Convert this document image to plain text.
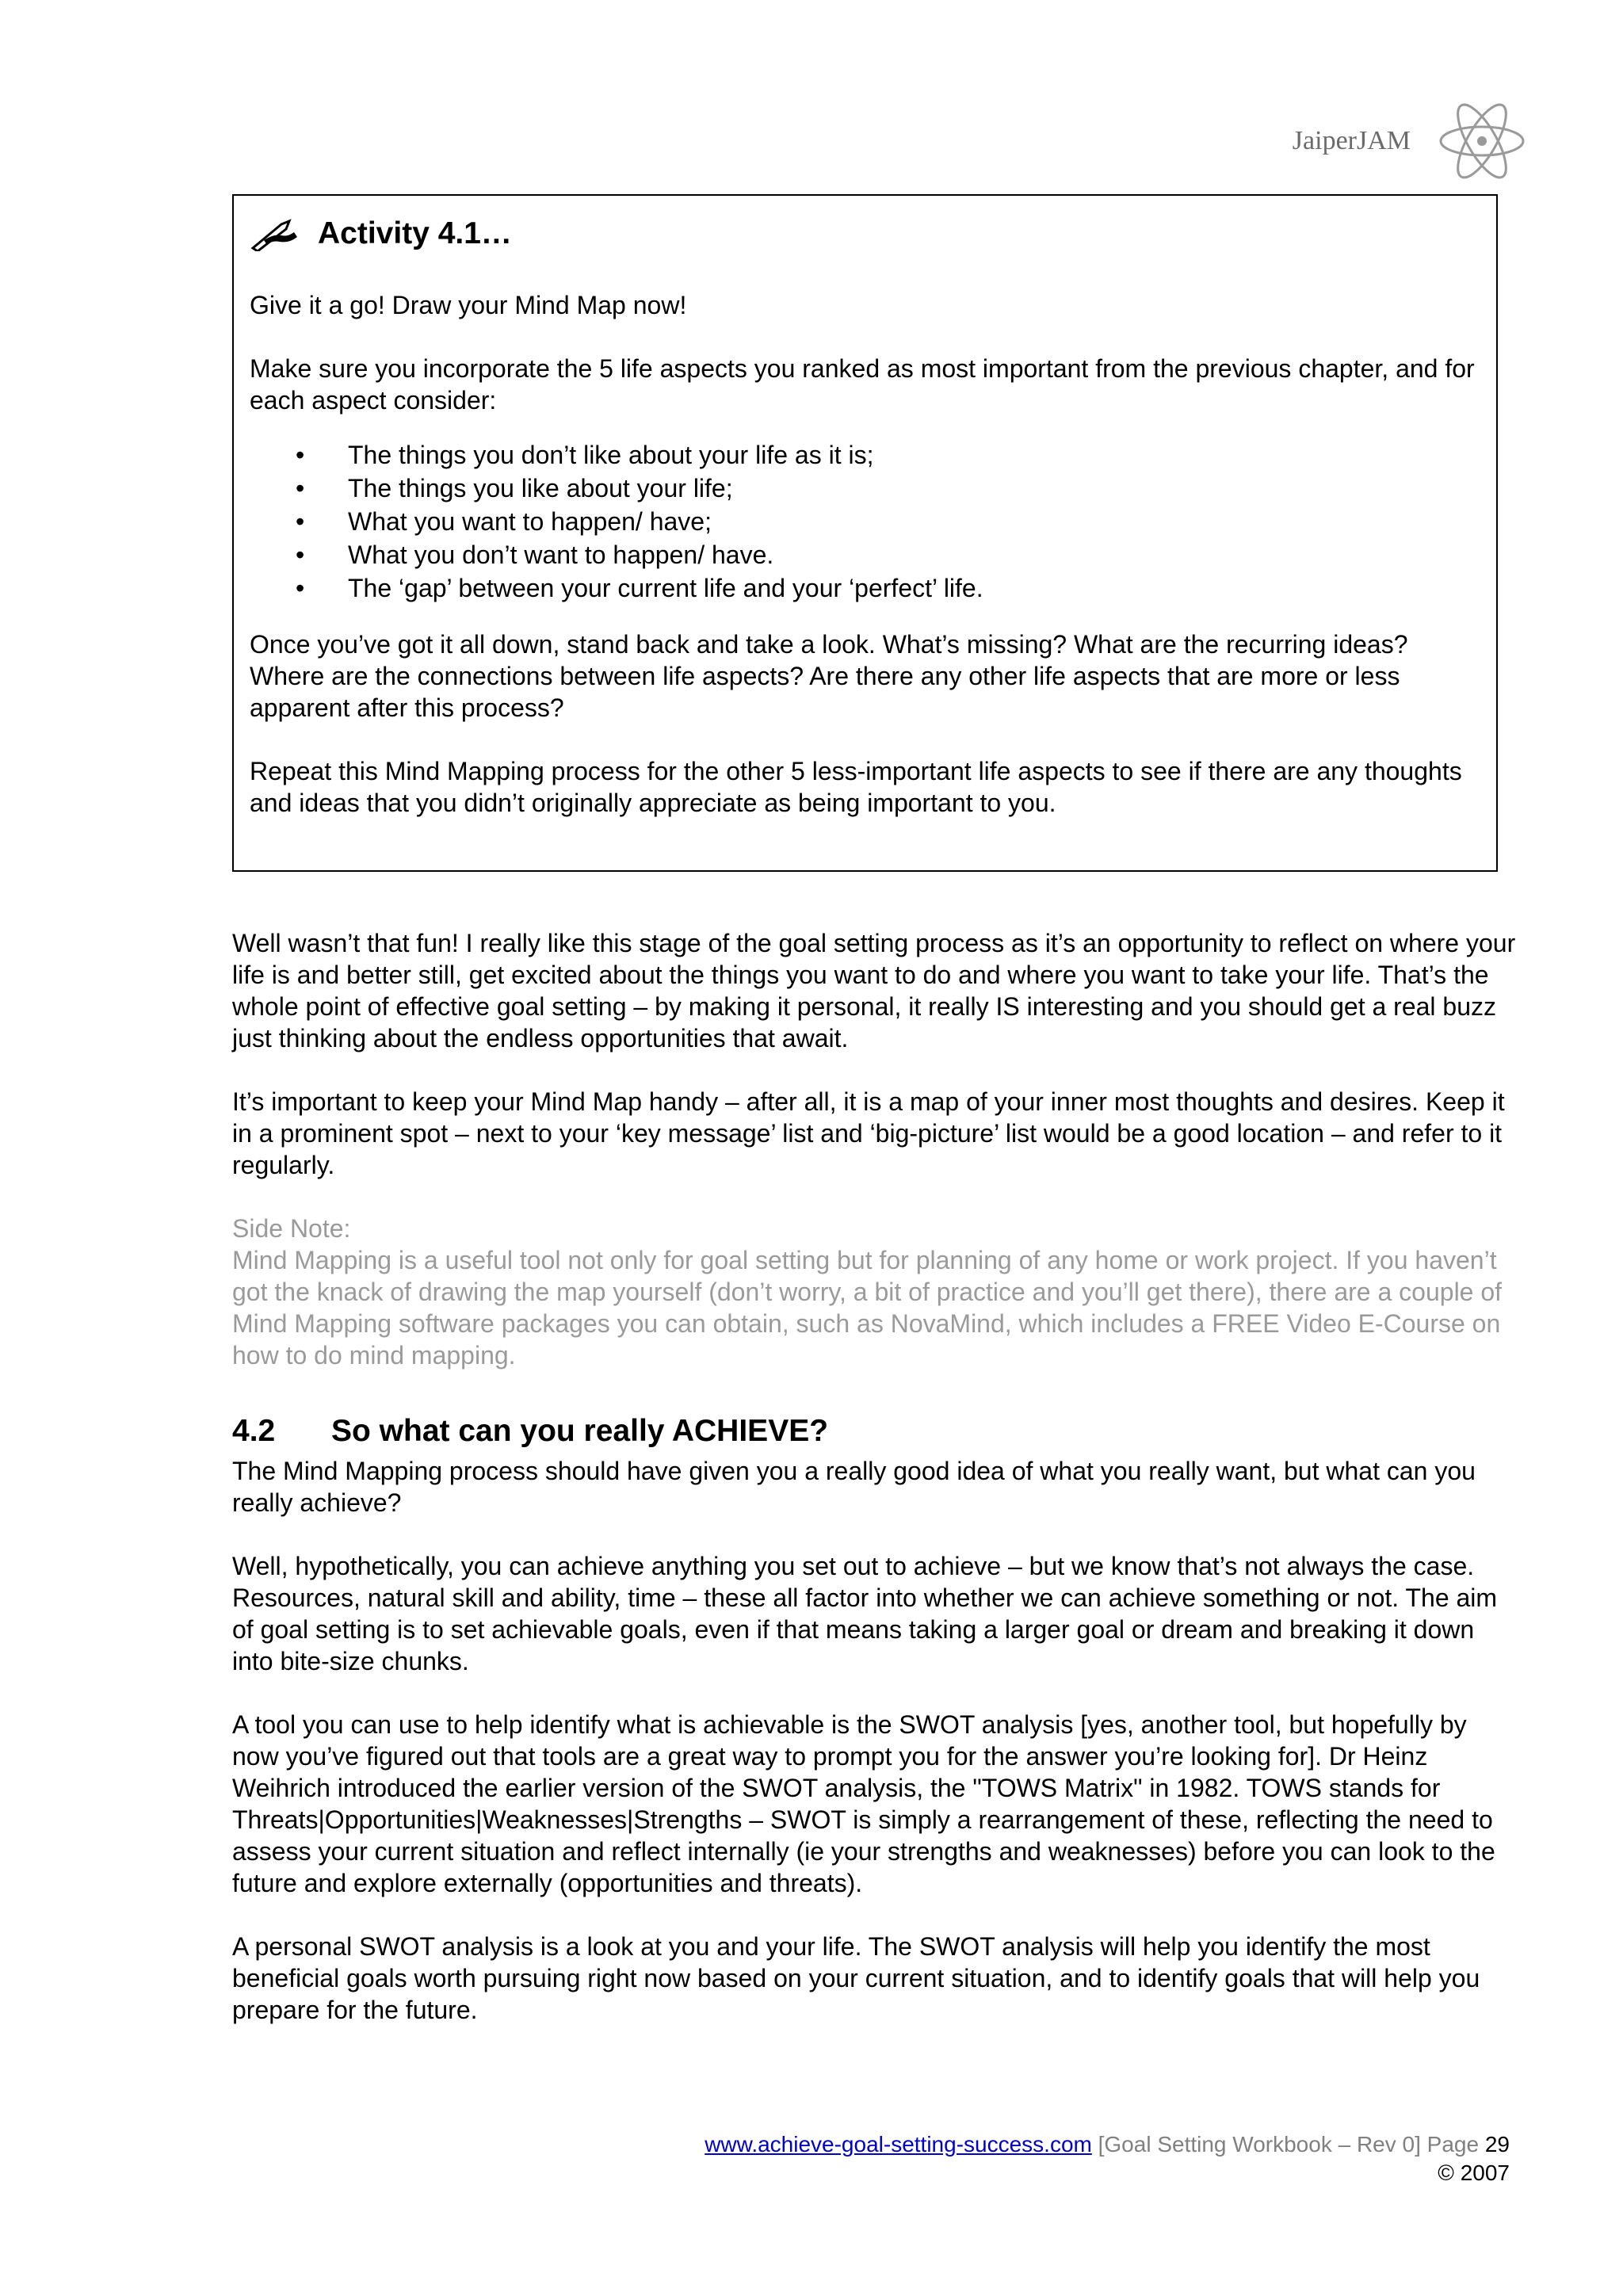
JaiperJAM
Activity 4.1…

Give it a go! Draw your Mind Map now!

Make sure you incorporate the 5 life aspects you ranked as most important from the previous chapter, and for each aspect consider:

• The things you don’t like about your life as it is;
• The things you like about your life;
• What you want to happen/ have;
• What you don’t want to happen/ have.
• The ‘gap’ between your current life and your ‘perfect’ life.

Once you’ve got it all down, stand back and take a look. What’s missing? What are the recurring ideas? Where are the connections between life aspects? Are there any other life aspects that are more or less apparent after this process?

Repeat this Mind Mapping process for the other 5 less-important life aspects to see if there are any thoughts and ideas that you didn’t originally appreciate as being important to you.

Well wasn’t that fun! I really like this stage of the goal setting process as it’s an opportunity to reflect on where your life is and better still, get excited about the things you want to do and where you want to take your life. That’s the whole point of effective goal setting – by making it personal, it really IS interesting and you should get a real buzz just thinking about the endless opportunities that await.

It’s important to keep your Mind Map handy – after all, it is a map of your inner most thoughts and desires. Keep it in a prominent spot – next to your ‘key message’ list and ‘big-picture’ list would be a good location – and refer to it regularly.

Side Note:

Mind Mapping is a useful tool not only for goal setting but for planning of any home or work project. If you haven’t got the knack of drawing the map yourself (don’t worry, a bit of practice and you’ll get there), there are a couple of Mind Mapping software packages you can obtain, such as NovaMind, which includes a FREE Video E-Course on how to do mind mapping.

4.2	So what can you really ACHIEVE?

The Mind Mapping process should have given you a really good idea of what you really want, but what can you really achieve?

Well, hypothetically, you can achieve anything you set out to achieve – but we know that’s not always the case. Resources, natural skill and ability, time – these all factor into whether we can achieve something or not. The aim of goal setting is to set achievable goals, even if that means taking a larger goal or dream and breaking it down into bite-size chunks.

A tool you can use to help identify what is achievable is the SWOT analysis [yes, another tool, but hopefully by now you’ve figured out that tools are a great way to prompt you for the answer you’re looking for]. Dr Heinz Weihrich introduced the earlier version of the SWOT analysis, the "TOWS Matrix" in 1982. TOWS stands for Threats|Opportunities|Weaknesses|Strengths – SWOT is simply a rearrangement of these, reflecting the need to assess your current situation and reflect internally (ie your strengths and weaknesses) before you can look to the future and explore externally (opportunities and threats).

A personal SWOT analysis is a look at you and your life. The SWOT analysis will help you identify the most beneficial goals worth pursuing right now based on your current situation, and to identify goals that will help you prepare for the future.

www.achieve-goal-setting-success.com [Goal Setting Workbook – Rev 0] Page 29
© 2007
